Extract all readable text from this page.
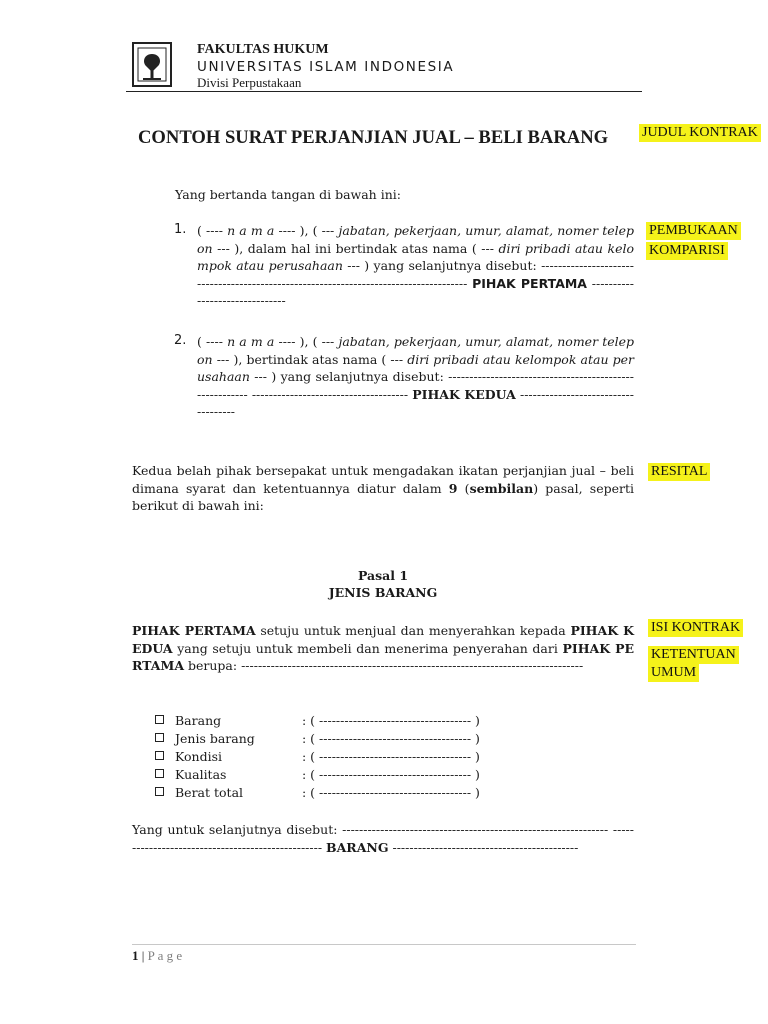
FAKULTAS HUKUM
UNIVERSITAS ISLAM INDONESIA
Divisi Perpustakaan
CONTOH SURAT PERJANJIAN JUAL – BELI BARANG JUDUL KONTRAK
PEMBUKAAN
KOMPARISI
RESITAL
ISI KONTRAK
KETENTUAN
UMUM
Yang bertanda tangan di bawah ini:
1. ( ---- n a m a ---- ), ( --- jabatan, pekerjaan, umur, alamat, nomer telepon --- ), dalam hal ini bertindak atas nama ( --- diri pribadi atau kelompok atau perusahaan --- ) yang selanjutnya disebut: -------------------------------------------------------------------------------------- PIHAK PERTAMA -------------------------------
2. ( ---- n a m a ---- ), ( --- jabatan, pekerjaan, umur, alamat, nomer telepon --- ), bertindak atas nama ( --- diri pribadi atau kelompok atau perusahaan --- ) yang selanjutnya disebut: -------------------------------------------------------- ------------------------------------- PIHAK KEDUA ------------------------------------
Kedua belah pihak bersepakat untuk mengadakan ikatan perjanjian jual – beli dimana syarat dan ketentuannya diatur dalam 9 (sembilan) pasal, seperti berikut di bawah ini:
Pasal 1
JENIS BARANG
PIHAK PERTAMA setuju untuk menjual dan menyerahkan kepada PIHAK KEDUA yang setuju untuk membeli dan menerima penyerahan dari PIHAK PERTAMA berupa: ---------------------------------------------------------------------------------
Barang	: ( ------------------------------------ )
Jenis barang	: ( ------------------------------------ )
Kondisi	: ( ------------------------------------ )
Kualitas	: ( ------------------------------------ )
Berat total	: ( ------------------------------------ )
Yang untuk selanjutnya disebut: --------------------------------------------------------------- -------------------------------------------------- BARANG --------------------------------------------
1 | P a g e
